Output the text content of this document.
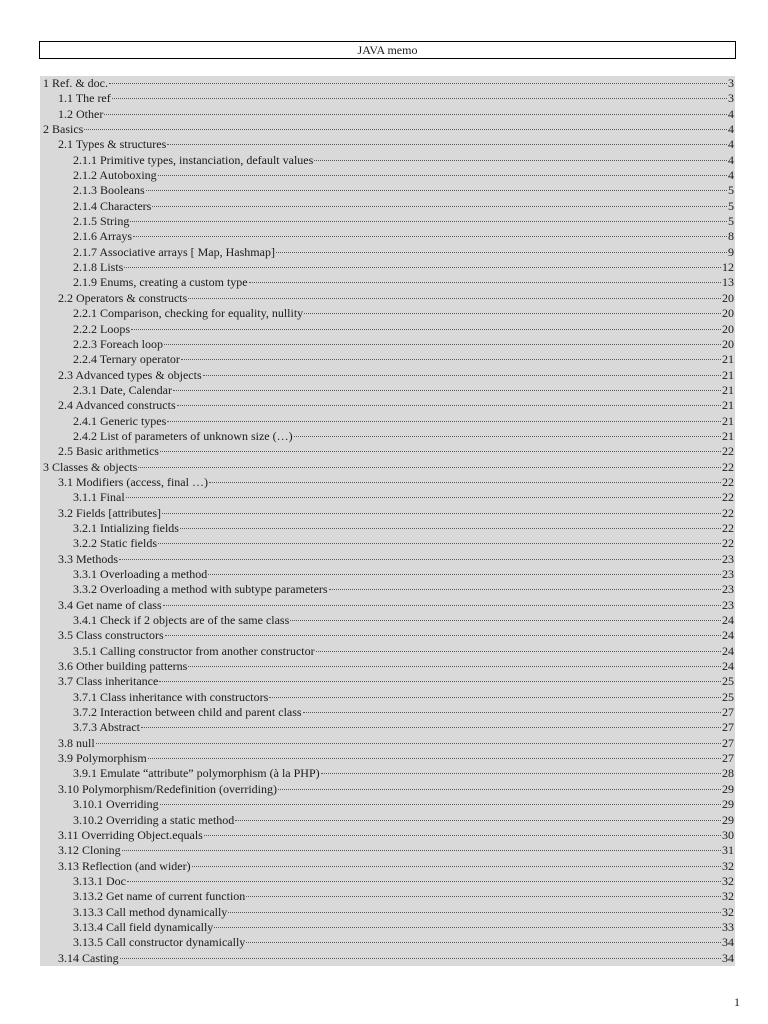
JAVA memo
1 Ref. & doc.	3
1.1 The ref	3
1.2 Other	4
2 Basics	4
2.1 Types & structures	4
2.1.1 Primitive types, instanciation, default values	4
2.1.2 Autoboxing	4
2.1.3 Booleans	5
2.1.4 Characters	5
2.1.5 String	5
2.1.6 Arrays	8
2.1.7 Associative arrays [ Map, Hashmap]	9
2.1.8 Lists	12
2.1.9 Enums, creating a custom type	13
2.2 Operators & constructs	20
2.2.1 Comparison, checking for equality, nullity	20
2.2.2 Loops	20
2.2.3 Foreach loop	20
2.2.4 Ternary operator	21
2.3 Advanced types & objects	21
2.3.1 Date, Calendar	21
2.4 Advanced constructs	21
2.4.1 Generic types	21
2.4.2 List of parameters of unknown size (…)	21
2.5 Basic arithmetics	22
3 Classes & objects	22
3.1 Modifiers (access, final …)	22
3.1.1 Final	22
3.2 Fields [attributes]	22
3.2.1 Intializing fields	22
3.2.2 Static fields	22
3.3 Methods	23
3.3.1 Overloading a method	23
3.3.2 Overloading a method with subtype parameters	23
3.4 Get name of class	23
3.4.1 Check if 2 objects are of the same class	24
3.5 Class constructors	24
3.5.1 Calling constructor from another constructor	24
3.6 Other building patterns	24
3.7 Class inheritance	25
3.7.1 Class inheritance with constructors	25
3.7.2 Interaction between child and parent class	27
3.7.3 Abstract	27
3.8 null	27
3.9 Polymorphism	27
3.9.1 Emulate “attribute” polymorphism (à la PHP)	28
3.10 Polymorphism/Redefinition (overriding)	29
3.10.1 Overriding	29
3.10.2 Overriding a static method	29
3.11 Overriding Object.equals	30
3.12 Cloning	31
3.13 Reflection (and wider)	32
3.13.1 Doc	32
3.13.2 Get name of current function	32
3.13.3 Call method dynamically	32
3.13.4 Call field dynamically	33
3.13.5 Call constructor dynamically	34
3.14 Casting	34
1
